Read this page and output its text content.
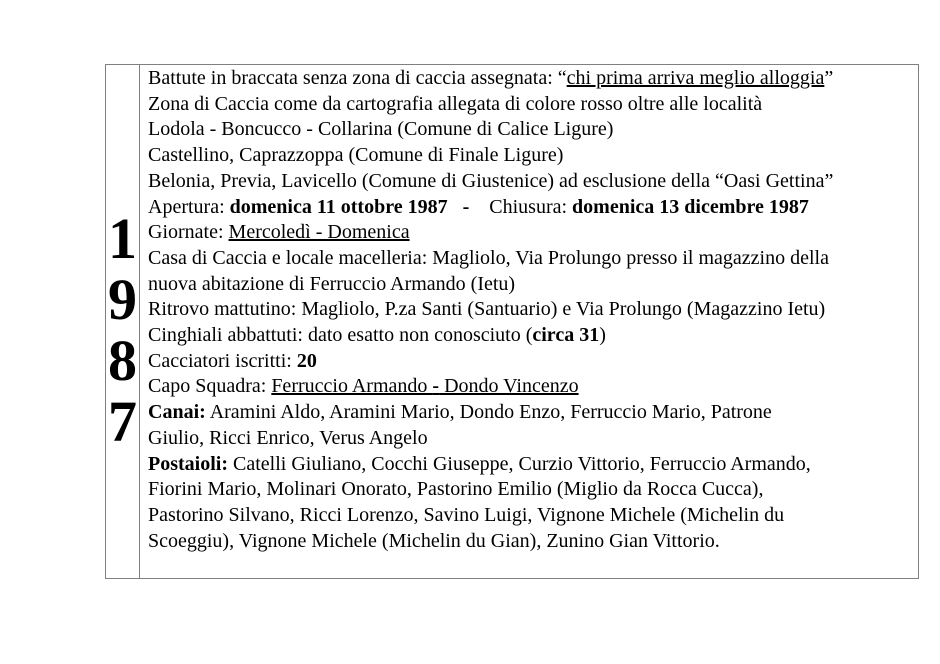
1
9
8
7
Battute in braccata senza zona di caccia assegnata: “chi prima arriva meglio alloggia”
Zona di Caccia come da cartografia allegata di colore rosso oltre alle località
Lodola - Boncucco - Collarina (Comune di Calice Ligure)
Castellino, Caprazzoppa (Comune di Finale Ligure)
Belonia, Previa, Lavicello (Comune di Giustenice) ad esclusione della “Oasi Gettina”
Apertura: domenica 11 ottobre 1987 -    Chiusura: domenica 13 dicembre 1987
Giornate: Mercoledì - Domenica
Casa di Caccia e locale macelleria: Magliolo, Via Prolungo presso il magazzino della
nuova abitazione di Ferruccio Armando (Ietu)
Ritrovo mattutino: Magliolo, P.za Santi (Santuario) e Via Prolungo (Magazzino Ietu)
Cinghiali abbattuti: dato esatto non conosciuto (circa 31)
Cacciatori iscritti: 20
Capo Squadra: Ferruccio Armando - Dondo Vincenzo
Canai: Aramini Aldo, Aramini Mario, Dondo Enzo, Ferruccio Mario, Patrone
Giulio, Ricci Enrico, Verus Angelo
Postaioli: Catelli Giuliano, Cocchi Giuseppe, Curzio Vittorio, Ferruccio Armando,
Fiorini Mario, Molinari Onorato, Pastorino Emilio (Miglio da Rocca Cucca),
Pastorino Silvano, Ricci Lorenzo, Savino Luigi, Vignone Michele (Michelin du
Scoeggiu), Vignone Michele (Michelin du Gian), Zunino Gian Vittorio.
